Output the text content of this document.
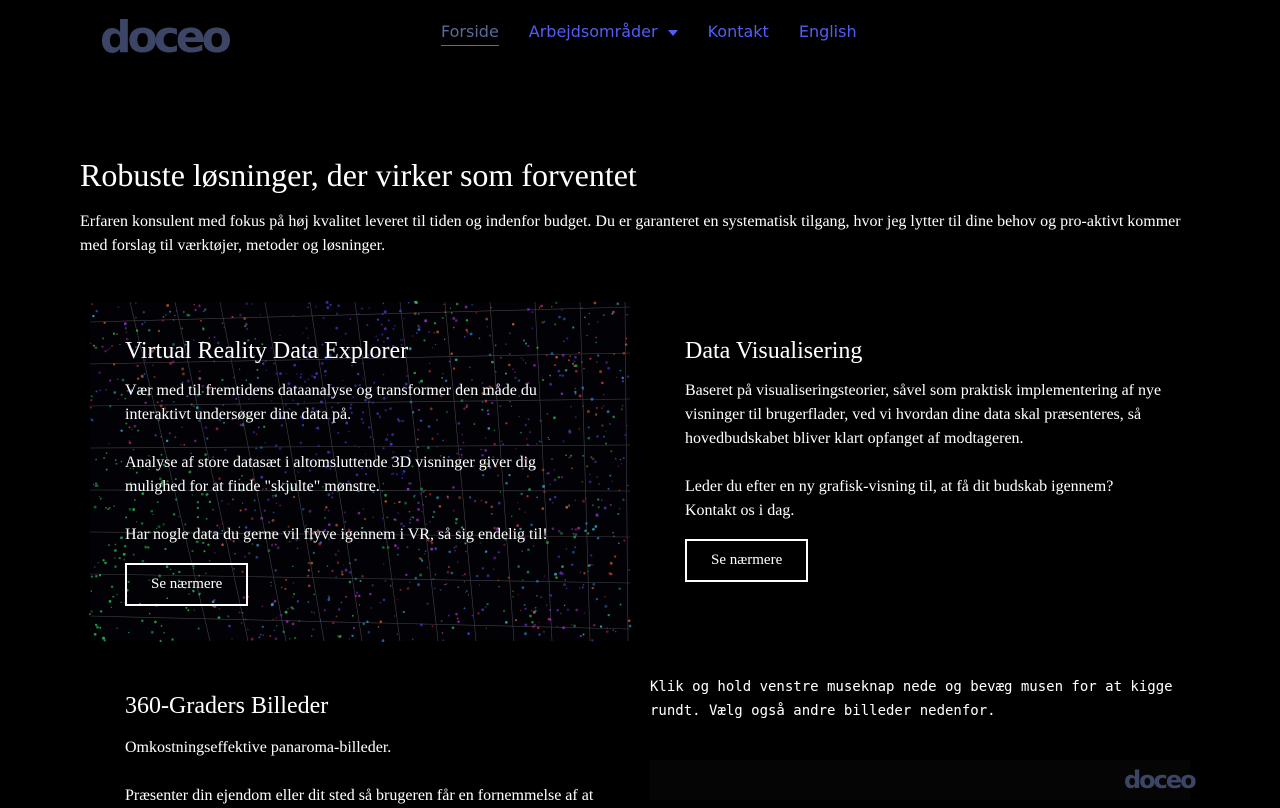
doceo	Forside Arbejdsområder	Kontakt English
Robuste løsninger, der virker som forventet

Erfaren konsulent med fokus på høj kvalitet leveret til tiden og indenfor budget. Du er garanteret en systematisk tilgang, hvor jeg lytter til dine behov og pro-aktivt kommer med forslag til værktøjer, metoder og løsninger.

Virtual Reality Data Explorer

Vær med til fremtidens dataanalyse og transformer den måde du interaktivt undersøger dine data på.

Analyse af store datasæt i altomsluttende 3D visninger giver dig mulighed for at finde "skjulte" mønstre.

Har nogle data du gerne vil flyve igennem i VR, så sig endelig til!

Se nærmere
Data Visualisering

Baseret på visualiseringsteorier, såvel som praktisk implementering af nye visninger til brugerflader, ved vi hvordan dine data skal præsenteres, så hovedbudskabet bliver klart opfanget af modtageren.

Leder du efter en ny grafisk-visning til, at få dit budskab igennem? Kontakt os i dag.

Se nærmere
360-Graders Billeder

Omkostningseffektive panaroma-billeder.

Præsenter din ejendom eller dit sted så brugeren får en fornemmelse af at

Klik og hold venstre museknap nede og bevæg musen for at kigge rundt. Vælg også andre billeder nedenfor.

doceo
